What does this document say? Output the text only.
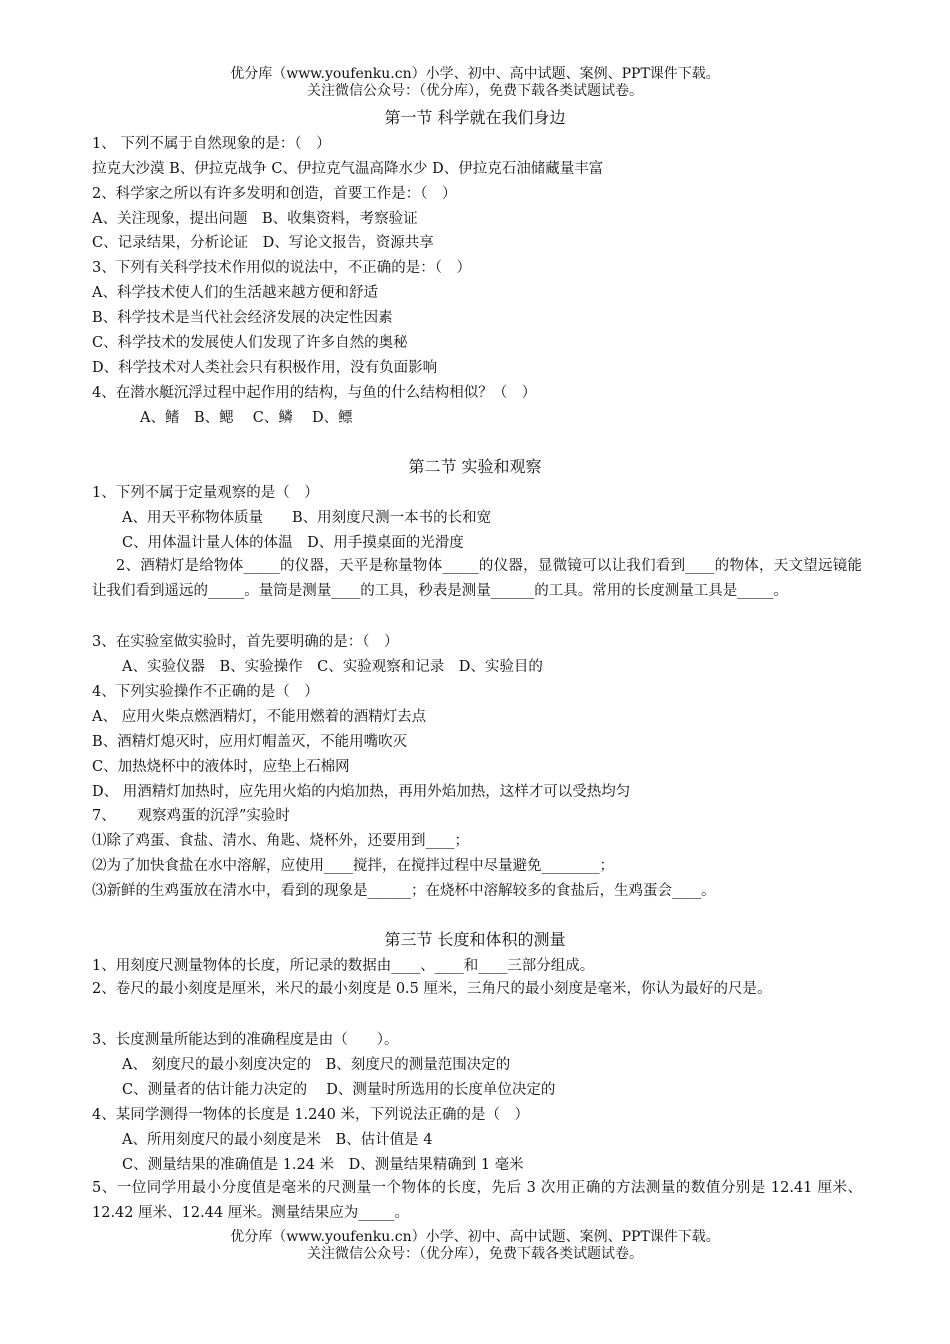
优分库（www.youfenku.cn）小学、初中、高中试题、案例、PPT课件下载。
关注微信公众号：（优分库），免费下载各类试题试卷。
第一节 科学就在我们身边
1、 下列不属于自然现象的是：（　）
拉克大沙漠 B、伊拉克战争 C、伊拉克气温高降水少 D、伊拉克石油储藏量丰富
2、科学家之所以有许多发明和创造，首要工作是：（　）
A、关注现象，提出问题　B、收集资料，考察验证
C、记录结果，分析论证　D、写论文报告，资源共享
3、下列有关科学技术作用似的说法中，不正确的是：（　）
A、科学技术使人们的生活越来越方便和舒适
B、科学技术是当代社会经济发展的决定性因素
C、科学技术的发展使人们发现了许多自然的奥秘
D、科学技术对人类社会只有积极作用，没有负面影响
4、在潜水艇沉浮过程中起作用的结构，与鱼的什么结构相似？（　）
A、鳍　B、鳃　 C、鳞　 D、鳔
第二节 实验和观察
1、下列不属于定量观察的是（　）
A、用天平称物体质量　　B、用刻度尺测一本书的长和宽
C、用体温计量人体的体温　D、用手摸桌面的光滑度
2、酒精灯是给物体_____的仪器，天平是称量物体_____的仪器，显微镜可以让我们看到____的物体，天文望远镜能让我们看到遥远的_____。量筒是测量____的工具，秒表是测量______的工具。常用的长度测量工具是_____。
3、在实验室做实验时，首先要明确的是：（　）
A、实验仪器　B、实验操作　C、实验观察和记录　D、实验目的
4、下列实验操作不正确的是（　）
A、 应用火柴点燃酒精灯，不能用燃着的酒精灯去点
B、酒精灯熄灭时，应用灯帽盖灭，不能用嘴吹灭
C、加热烧杯中的液体时，应垫上石棉网
D、 用酒精灯加热时，应先用火焰的内焰加热，再用外焰加热，这样才可以受热均匀
7、　　观察鸡蛋的沉浮”实验时
⑴除了鸡蛋、食盐、清水、角匙、烧杯外，还要用到____；
⑵为了加快食盐在水中溶解，应使用____搅拌，在搅拌过程中尽量避免________；
⑶新鲜的生鸡蛋放在清水中，看到的现象是______；在烧杯中溶解较多的食盐后，生鸡蛋会____。
第三节 长度和体积的测量
1、用刻度尺测量物体的长度，所记录的数据由____、____和____三部分组成。
2、卷尺的最小刻度是厘米，米尺的最小刻度是 0.5 厘米，三角尺的最小刻度是毫米，你认为最好的尺是。
3、长度测量所能达到的准确程度是由（　　）。
A、 刻度尺的最小刻度决定的　B、刻度尺的测量范围决定的
C、测量者的估计能力决定的　 D、测量时所选用的长度单位决定的
4、某同学测得一物体的长度是 1.240 米，下列说法正确的是（　）
A、所用刻度尺的最小刻度是米　B、估计值是 4
C、测量结果的准确值是 1.24 米　D、测量结果精确到 1 毫米
5、一位同学用最小分度值是毫米的尺测量一个物体的长度，先后 3 次用正确的方法测量的数值分别是 12.41 厘米、12.42 厘米、12.44 厘米。测量结果应为_____。
优分库（www.youfenku.cn）小学、初中、高中试题、案例、PPT课件下载。
关注微信公众号：（优分库），免费下载各类试题试卷。
